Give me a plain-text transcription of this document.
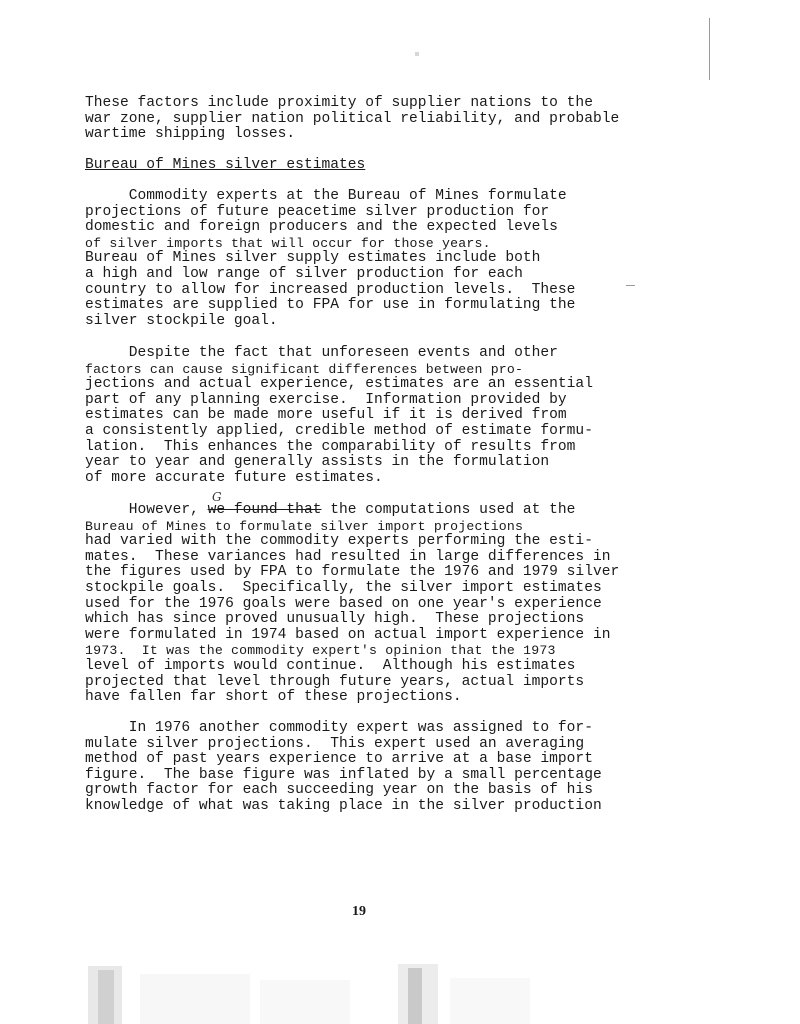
These factors include proximity of supplier nations to the
war zone, supplier nation political reliability, and probable
wartime shipping losses.
Bureau of Mines silver estimates
Commodity experts at the Bureau of Mines formulate
projections of future peacetime silver production for
domestic and foreign producers and the expected levels
of silver imports that will occur for those years.
Bureau of Mines silver supply estimates include both
a high and low range of silver production for each
country to allow for increased production levels.  These
estimates are supplied to FPA for use in formulating the
silver stockpile goal.
Despite the fact that unforeseen events and other
factors can cause significant differences between pro-
jections and actual experience, estimates are an essential
part of any planning exercise.  Information provided by
estimates can be made more useful if it is derived from
a consistently applied, credible method of estimate formu-
lation.  This enhances the comparability of results from
year to year and generally assists in the formulation
of more accurate future estimates.
G
However, we found that the computations used at the
Bureau of Mines to formulate silver import projections
had varied with the commodity experts performing the esti-
mates.  These variances had resulted in large differences in
the figures used by FPA to formulate the 1976 and 1979 silver
stockpile goals.  Specifically, the silver import estimates
used for the 1976 goals were based on one year's experience
which has since proved unusually high.  These projections
were formulated in 1974 based on actual import experience in
1973.  It was the commodity expert's opinion that the 1973
level of imports would continue.  Although his estimates
projected that level through future years, actual imports
have fallen far short of these projections.
In 1976 another commodity expert was assigned to for-
mulate silver projections.  This expert used an averaging
method of past years experience to arrive at a base import
figure.  The base figure was inflated by a small percentage
growth factor for each succeeding year on the basis of his
knowledge of what was taking place in the silver production
19
